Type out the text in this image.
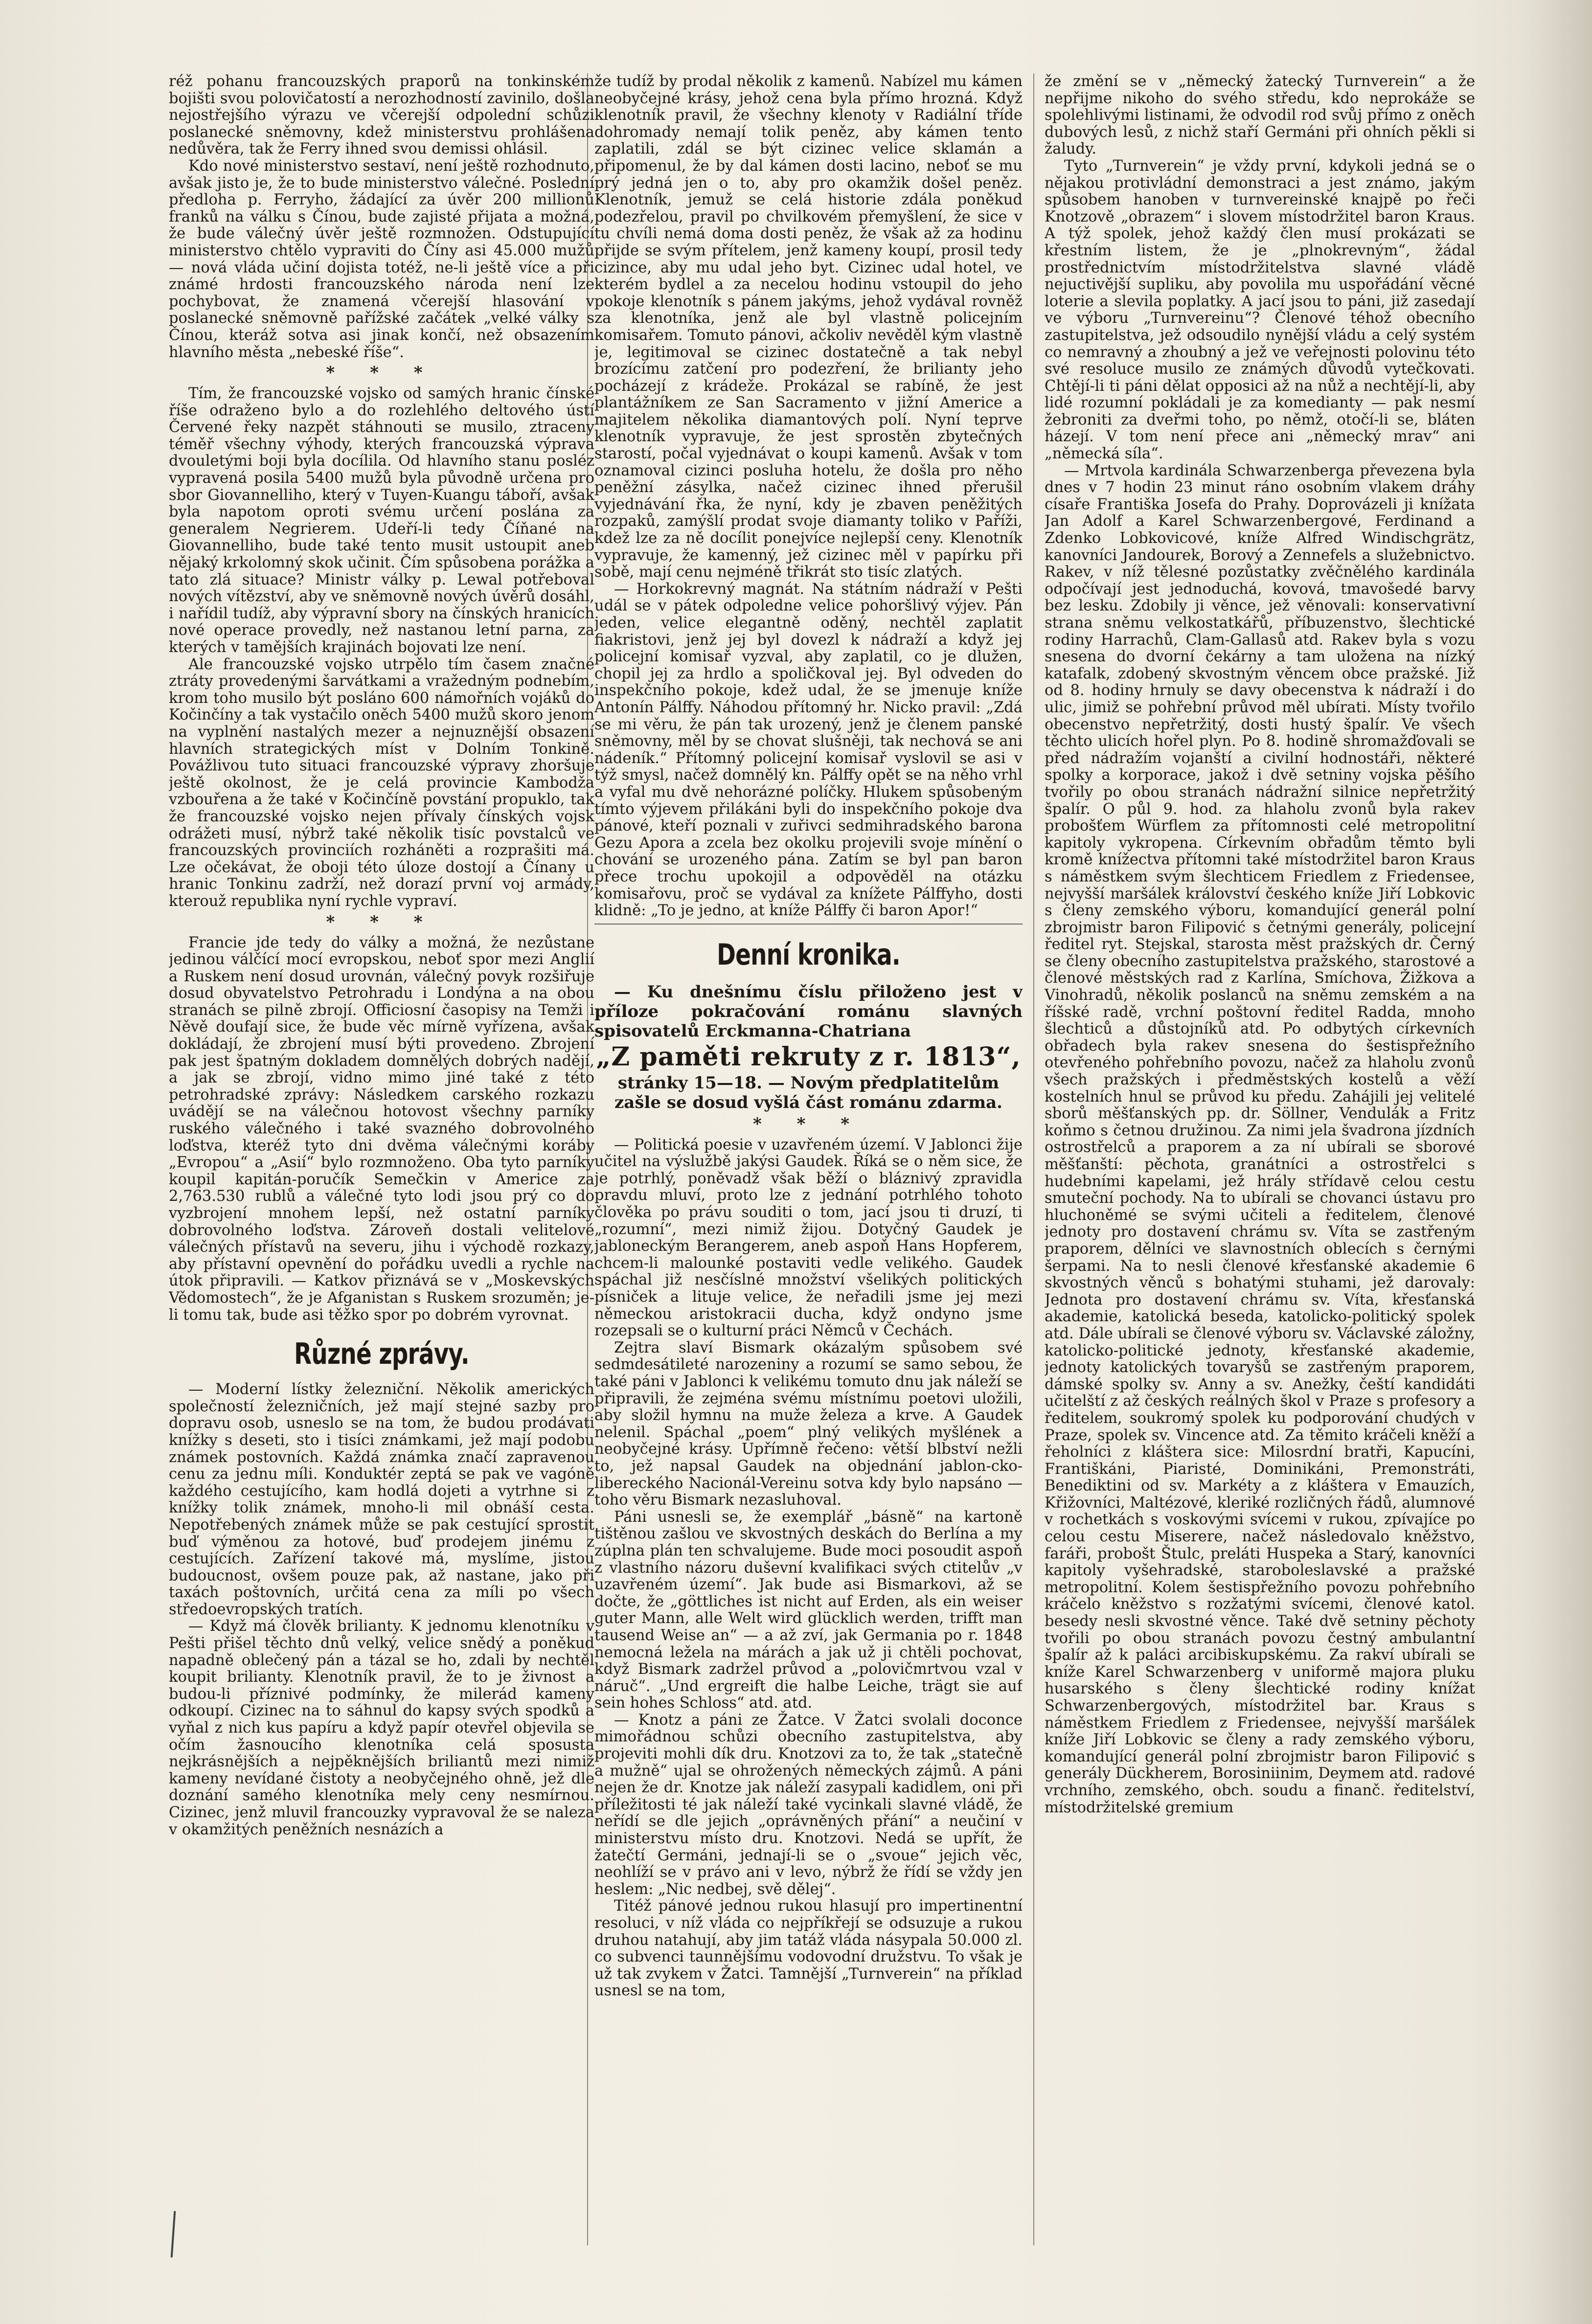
réž pohanu francouzských praporů na tonkinském bojišti svou polovičatostí a nerozhodností zavinilo, došla nejostřejšího výrazu ve včerejší odpolední schůzi poslanecké sněmovny, kdež ministerstvu prohlášena nedůvěra, tak že Ferry ihned svou demissi ohlásil.

Kdo nové ministerstvo sestaví, není ještě rozhodnuto, avšak jisto je, že to bude ministerstvo válečné. Poslední předloha p. Ferryho, žádající za úvěr 200 millionů franků na válku s Čínou, bude zajisté přijata a možná, že bude válečný úvěr ještě rozmnožen. Odstupující ministerstvo chtělo vypraviti do Číny asi 45.000 mužů — nová vláda učiní dojista totéž, ne-li ještě více a při známé hrdosti francouzského národa není lze pochybovat, že znamená včerejší hlasování v poslanecké sněmovně pařížské začátek „velké války s Čínou, kteráž sotva asi jinak končí, než obsazením hlavního města „nebeské říše“.

* * *

Tím, že francouzské vojsko od samých hranic čínské říše odraženo bylo a do rozlehlého deltového ústí Červené řeky nazpět stáhnouti se musilo, ztraceny téměř všechny výhody, kterých francouzská výprava dvouletými boji byla docílila. Od hlavního stanu posléz vypravená posila 5400 mužů byla původně určena pro sbor Giovannelliho, který v Tuyen-Kuangu táboří, avšak byla napotom oproti svému určení poslána za generalem Negrierem. Udeří-li tedy Číňané na Giovannelliho, bude také tento musit ustoupit aneb nějaký krkolomný skok učinit. Čím spůsobena porážka a tato zlá situace? Ministr války p. Lewal potřeboval nových vítězství, aby ve sněmovně nových úvěrů dosáhl, i nařídil tudíž, aby výpravní sbory na čínských hranicích nové operace provedly, než nastanou letní parna, za kterých v tamějších krajinách bojovati lze není.

Ale francouzské vojsko utrpělo tím časem značné ztráty provedenými šarvátkami a vražedným podnebím, krom toho musilo být posláno 600 námořních vojáků do Kočinčíny a tak vystačilo oněch 5400 mužů skoro jenom na vyplnění nastalých mezer a nejnuznější obsazení hlavních strategických míst v Dolním Tonkině. Povážlivou tuto situaci francouzské výpravy zhoršuje ještě okolnost, že je celá provincie Kambodža vzbouřena a že také v Kočinčíně povstání propuklo, tak že francouzské vojsko nejen přívaly čínských vojsk odrážeti musí, nýbrž také několik tisíc povstalců ve francouzských provinciích rozháněti a rozprašiti má. Lze očekávat, že oboji této úloze dostojí a Čínany u hranic Tonkinu zadrží, než dorazí první voj armády, kterouž republika nyní rychle vypraví.

* * *

Francie jde tedy do války a možná, že nezůstane jedinou válčící mocí evropskou, neboť spor mezi Anglií a Ruskem není dosud urovnán, válečný povyk rozšiřuje dosud obyvatelstvo Petrohradu i Londýna a na obou stranách se pilně zbrojí. Officiosní časopisy na Temži i Něvě doufají sice, že bude věc mírně vyřízena, avšak dokládají, že zbrojení musí býti provedeno. Zbrojení pak jest špatným dokladem domnělých dobrých nadějí, a jak se zbrojí, vidno mimo jiné také z této petrohradské zprávy: Následkem carského rozkazu uvádějí se na válečnou hotovost všechny parníky ruského válečného i také svazného dobrovolného loďstva, kteréž tyto dni dvěma válečnými koráby „Evropou“ a „Asií“ bylo rozmnoženo. Oba tyto parníky koupil kapitán-poručík Semečkin v Americe za 2,763.530 rublů a válečné tyto lodi jsou prý co do vyzbrojení mnohem lepší, než ostatní parníky dobrovolného loďstva. Zároveň dostali velitelové válečných přístavů na severu, jihu i východě rozkazy, aby přístavní opevnění do pořádku uvedli a rychle na útok připravili. — Katkov přiznává se v „Moskevských Vědomostech“, že je Afganistan s Ruskem srozuměn; je-li tomu tak, bude asi těžko spor po dobrém vyrovnat.

Různé zprávy.

— Moderní lístky železniční. Několik amerických společností železničních, jež mají stejné sazby pro dopravu osob, usneslo se na tom, že budou prodávati knížky s deseti, sto i tisíci známkami, jež mají podobu známek postovních. Každá známka značí zapravenou cenu za jednu míli. Konduktér zeptá se pak ve vagóně každého cestujícího, kam hodlá dojeti a vytrhne si z knížky tolik známek, mnoho-li mil obnáší cesta. Nepotřebených známek může se pak cestující sprostit buď výměnou za hotové, buď prodejem jinému z cestujících. Zařízení takové má, myslíme, jistou budoucnost, ovšem pouze pak, až nastane, jako při taxách poštovních, určitá cena za míli po všech středoevropských tratích.

— Když má člověk brilianty. K jednomu klenotníku v Pešti přišel těchto dnů velký, velice snědý a poněkud napadně oblečený pán a tázal se ho, zdali by nechtěl koupit brilianty. Klenotník pravil, že to je živnost a budou-li příznivé podmínky, že milerád kameny odkoupí. Cizinec na to sáhnul do kapsy svých spodků a vyňal z nich kus papíru a když papír otevřel objevila se očím žasnoucího klenotníka celá sposusta nejkrásnějších a nejpěknějších briliantů mezi nimiž kameny nevídané čistoty a neobyčejného ohně, jež dle doznání samého klenotníka mely ceny nesmírnou. Cizinec, jenž mluvil francouzky vypravoval že se naleza v okamžitých peněžních nesnázích a

že tudíž by prodal několik z kamenů. Nabízel mu kámen neobyčejné krásy, jehož cena byla přímo hrozná. Když klenotník pravil, že všechny klenoty v Radiální tříde dohromady nemají tolik peněz, aby kámen tento zaplatili, zdál se být cizinec velice sklamán a připomenul, že by dal kámen dosti lacino, neboť se mu prý jedná jen o to, aby pro okamžik došel peněz. Klenotník, jemuž se celá historie zdála poněkud podezřelou, pravil po chvilkovém přemyšlení, že sice v tu chvíli nemá doma dosti peněz, že však až za hodinu přijde se svým přítelem, jenž kameny koupí, prosil tedy cizince, aby mu udal jeho byt. Cizinec udal hotel, ve kterém bydlel a za necelou hodinu vstoupil do jeho pokoje klenotník s pánem jakýms, jehož vydával rovněž za klenotníka, jenž ale byl vlastně policejním komisařem. Tomuto pánovi, ačkoliv nevěděl kým vlastně je, legitimoval se cizinec dostatečně a tak nebyl brozícímu zatčení pro podezření, že brilianty jeho pocházejí z krádeže. Prokázal se rabíně, že jest plantážníkem ze San Sacramento v jižní Americe a majitelem několika diamantových polí. Nyní teprve klenotník vypravuje, že jest sprostěn zbytečných starostí, počal vyjednávat o koupi kamenů. Avšak v tom oznamoval cizinci posluha hotelu, že došla pro něho peněžní zásylka, načež cizinec ihned přerušil vyjednávání řka, že nyní, kdy je zbaven peněžitých rozpaků, zamýšlí prodat svoje diamanty toliko v Paříži, kdež lze za ně docílit ponejvíce nejlepší ceny. Klenotník vypravuje, že kamenný, jež cizinec měl v papírku při sobě, mají cenu nejméně třikrát sto tisíc zlatých.

— Horkokrevný magnát. Na státním nádraží v Pešti udál se v pátek odpoledne velice pohoršlivý výjev. Pán jeden, velice elegantně oděný, nechtěl zaplatit fiakristovi, jenž jej byl dovezl k nádraží a když jej policejní komisař vyzval, aby zaplatil, co je dlužen, chopil jej za hrdlo a spoličkoval jej. Byl odveden do inspekčního pokoje, kdež udal, že se jmenuje kníže Antonín Pálffy. Náhodou přítomný hr. Nicko pravil: „Zdá se mi věru, že pán tak urozený, jenž je členem panské sněmovny, měl by se chovat slušněji, tak nechová se ani nádeník.“ Přítomný policejní komisař vyslovil se asi v týž smysl, načež domnělý kn. Pálffy opět se na něho vrhl a vyfal mu dvě nehorázné políčky. Hlukem spůsobeným tímto výjevem přilákáni byli do inspekčního pokoje dva pánové, kteří poznali v zuřivci sedmihradského barona Gezu Apora a zcela bez okolku projevili svoje mínění o chování se urozeného pána. Zatím se byl pan baron přece trochu upokojil a odpověděl na otázku komisařovu, proč se vydával za knížete Pálffyho, dosti klidně: „To je jedno, at kníže Pálffy či baron Apor!“

Denní kronika.

— Ku dnešnímu číslu přiloženo jest v příloze pokračování románu slavných spisovatelů Erckmanna-Chatriana

„Z paměti rekruty z r. 1813“,
stránky 15—18. — Novým předplatitelům zašle se dosud vyšlá část románu zdarma.
* * *

— Politická poesie v uzavřeném území. V Jablonci žije učitel na výslužbě jakýsi Gaudek. Říká se o něm sice, že je potrhlý, poněvadž však běží o bláznivý zpravidla pravdu mluví, proto lze z jednání potrhlého tohoto člověka po právu souditi o tom, jací jsou ti druzí, ti „rozumní“, mezi nimiž žijou. Dotyčný Gaudek je jabloneckým Berangerem, aneb aspoň Hans Hopferem, chcem-li malounké postaviti vedle velikého. Gaudek spáchal již nesčíslné množství všelikých politických písniček a lituje velice, že neřadili jsme jej mezi německou aristokracii ducha, když ondyno jsme rozepsali se o kulturní práci Němců v Čechách.

Zejtra slaví Bismark okázalým spůsobem své sedmdesátileté narozeniny a rozumí se samo sebou, že také páni v Jablonci k velikému tomuto dnu jak náleží se připravili, že zejména svému místnímu poetovi uložili, aby složil hymnu na muže železa a krve. A Gaudek nelenil. Spáchal „poem“ plný velikých myšlének a neobyčejné krásy. Upřímně řečeno: větší blbství nežli to, jež napsal Gaudek na objednání jablon-cko-libereckého Nacionál-Vereinu sotva kdy bylo napsáno — toho věru Bismark nezasluhoval.

Páni usnesli se, že exemplář „básně“ na kartoně tištěnou zašlou ve skvostných deskách do Berlína a my zúplna plán ten schvalujeme. Bude moci posoudit aspoň z vlastního názoru duševní kvalifikaci svých ctitelův „v uzavřeném území“. Jak bude asi Bismarkovi, až se dočte, že „göttliches ist nicht auf Erden, als ein weiser guter Mann, alle Welt wird glücklich werden, trifft man tausend Weise an“ — a až zví, jak Germania po r. 1848 nemocná ležela na márách a jak už ji chtěli pochovat, když Bismark zadržel průvod a „polovičmrtvou vzal v náruč“. „Und ergreift die halbe Leiche, trägt sie auf sein hohes Schloss“ atd. atd.

— Knotz a páni ze Žatce. V Žatci svolali doconce mimořádnou schůzi obecního zastupitelstva, aby projeviti mohli dík dru. Knotzovi za to, že tak „statečně a mužně“ ujal se ohrožených německých zájmů. A páni nejen že dr. Knotze jak náleží zasypali kadidlem, oni při příležitosti té jak náleží také vycinkali slavné vládě, že neřídí se dle jejich „oprávněných přání“ a neučiní v ministerstvu místo dru. Knotzovi. Nedá se upřít, že žatečtí Germáni, jednají-li se o „svoue“ jejich věc, neohlíží se v právo ani v levo, nýbrž že řídí se vždy jen heslem: „Nic nedbej, svě dělej“.

Titéž pánové jednou rukou hlasují pro impertinentní resoluci, v níž vláda co nejpříkřejí se odsuzuje a rukou druhou natahují, aby jim tatáž vláda násypala 50.000 zl. co subvenci taunnějšímu vodovodní družstvu. To však je už tak zvykem v Žatci. Tamnější „Turnverein“ na příklad usnesl se na tom,

že změní se v „německý žatecký Turnverein“ a že nepřijme nikoho do svého středu, kdo neprokáže se spolehlivými listinami, že odvodil rod svůj přímo z oněch dubových lesů, z nichž staří Germáni při ohních pěkli si žaludy.

Tyto „Turnverein“ je vždy první, kdykoli jedná se o nějakou protivládní demonstraci a jest známo, jakým spůsobem hanoben v turnvereinské knajpě po řeči Knotzově „obrazem“ i slovem místodržitel baron Kraus. A týž spolek, jehož každý člen musí prokázati se křestním listem, že je „plnokrevným“, žádal prostřednictvím místodržitelstva slavné vládě nejuctivější supliku, aby povolila mu uspořádání věcné loterie a slevila poplatky. A jací jsou to páni, již zasedají ve výboru „Turnvereinu“? Členové téhož obecního zastupitelstva, jež odsoudilo nynější vládu a celý systém co nemravný a zhoubný a jež ve veřejnosti polovinu této své resoluce musilo ze známých důvodů vytečkovati. Chtějí-li ti páni dělat opposici až na nůž a nechtějí-li, aby lidé rozumní pokládali je za komedianty — pak nesmí žebroniti za dveřmi toho, po němž, otočí-li se, bláten házejí. V tom není přece ani „německý mrav“ ani „německá síla“.

— Mrtvola kardinála Schwarzenberga převezena byla dnes v 7 hodin 23 minut ráno osobním vlakem dráhy císaře Františka Josefa do Prahy. Doprovázeli ji knížata Jan Adolf a Karel Schwarzenbergové, Ferdinand a Zdenko Lobkovicové, kníže Alfred Windischgrätz, kanovníci Jandourek, Borový a Zennefels a služebnictvo. Rakev, v níž tělesné pozůstatky zvěčnělého kardinála odpočívají jest jednoduchá, kovová, tmavošedé barvy bez lesku. Zdobily ji věnce, jež věnovali: konservativní strana sněmu velkostatkářů, příbuzenstvo, šlechtické rodiny Harrachů, Clam-Gallasů atd. Rakev byla s vozu snesena do dvorní čekárny a tam uložena na nízký katafalk, zdobený skvostným věncem obce pražské. Již od 8. hodiny hrnuly se davy obecenstva k nádraží i do ulic, jimiž se pohřební průvod měl ubírati. Místy tvořilo obecenstvo nepřetržitý, dosti hustý špalír. Ve všech těchto ulicích hořel plyn. Po 8. hodině shromažďovali se před nádražím vojanští a civilní hodnostáři, některé spolky a korporace, jakož i dvě setniny vojska pěšího tvořily po obou stranách nádražní silnice nepřetržitý špalír. O půl 9. hod. za hlaholu zvonů byla rakev probošťem Würflem za přítomnosti celé metropolitní kapitoly vykropena. Církevním obřadům těmto byli kromě knížectva přítomni také místodržitel baron Kraus s náměstkem svým šlechticem Friedlem z Friedensee, nejvyšší maršálek království českého kníže Jiří Lobkovic s členy zemského výboru, komandující generál polní zbrojmistr baron Filipović s četnými generály, policejní ředitel ryt. Stejskal, starosta měst pražských dr. Černý se členy obecního zastupitelstva pražského, starostové a členové městských rad z Karlína, Smíchova, Žižkova a Vinohradů, několik poslanců na sněmu zemském a na říšské radě, vrchní poštovní ředitel Radda, mnoho šlechticů a důstojníků atd. Po odbytých církevních obřadech byla rakev snesena do šestispřežního otevřeného pohřebního povozu, načež za hlaholu zvonů všech pražských i předměstských kostelů a věží kostelních hnul se průvod ku předu. Zahájili jej velitelé sborů měšťanských pp. dr. Söllner, Vendulák a Fritz koňmo s četnou družinou. Za nimi jela švadrona jízdních ostrostřelců a praporem a za ní ubírali se sborové měšťanští: pěchota, granátníci a ostrostřelci s hudebními kapelami, jež hrály střídavě celou cestu smuteční pochody. Na to ubírali se chovanci ústavu pro hluchoněmé se svými učiteli a ředitelem, členové jednoty pro dostavení chrámu sv. Víta se zastřeným praporem, dělníci ve slavnostních oblecích s černými šerpami. Na to nesli členové křesťanské akademie 6 skvostných věnců s bohatými stuhami, jež darovaly: Jednota pro dostavení chrámu sv. Víta, křesťanská akademie, katolická beseda, katolicko-politický spolek atd. Dále ubírali se členové výboru sv. Václavské záložny, katolicko-politické jednoty, křesťanské akademie, jednoty katolických tovaryšů se zastřeným praporem, dámské spolky sv. Anny a sv. Anežky, čeští kandidáti učitelští z až českých reálných škol v Praze s profesory a ředitelem, soukromý spolek ku podporování chudých v Praze, spolek sv. Vincence atd. Za těmito kráčeli kněží a řeholníci z kláštera sice: Milosrdní bratři, Kapucíni, Františkáni, Piaristé, Dominikáni, Premonstráti, Benediktini od sv. Markéty a z kláštera v Emauzích, Křižovníci, Maltézové, kleriké rozličných řádů, alumnové v rochetkách s voskovými svícemi v rukou, zpívajíce po celou cestu Miserere, načež následovalo kněžstvo, faráři, probošt Štulc, preláti Huspeka a Starý, kanovníci kapitoly vyšehradské, staroboleslavské a pražské metropolitní. Kolem šestispřežního povozu pohřebního kráčelo kněžstvo s rozžatými svícemi, členové katol. besedy nesli skvostné věnce. Také dvě setniny pěchoty tvořili po obou stranách povozu čestný ambulantní špalír až k paláci arcibiskupskému. Za rakví ubírali se kníže Karel Schwarzenberg v uniformě majora pluku husarského s členy šlechtické rodiny knížat Schwarzenbergových, místodržitel bar. Kraus s náměstkem Friedlem z Friedensee, nejvyšší maršálek kníže Jiří Lobkovic se členy a rady zemského výboru, komandující generál polní zbrojmistr baron Filipović s generály Dückherem, Borosiniinim, Deymem atd. radové vrchního, zemského, obch. soudu a finanč. ředitelství, místodržitelské gremium
